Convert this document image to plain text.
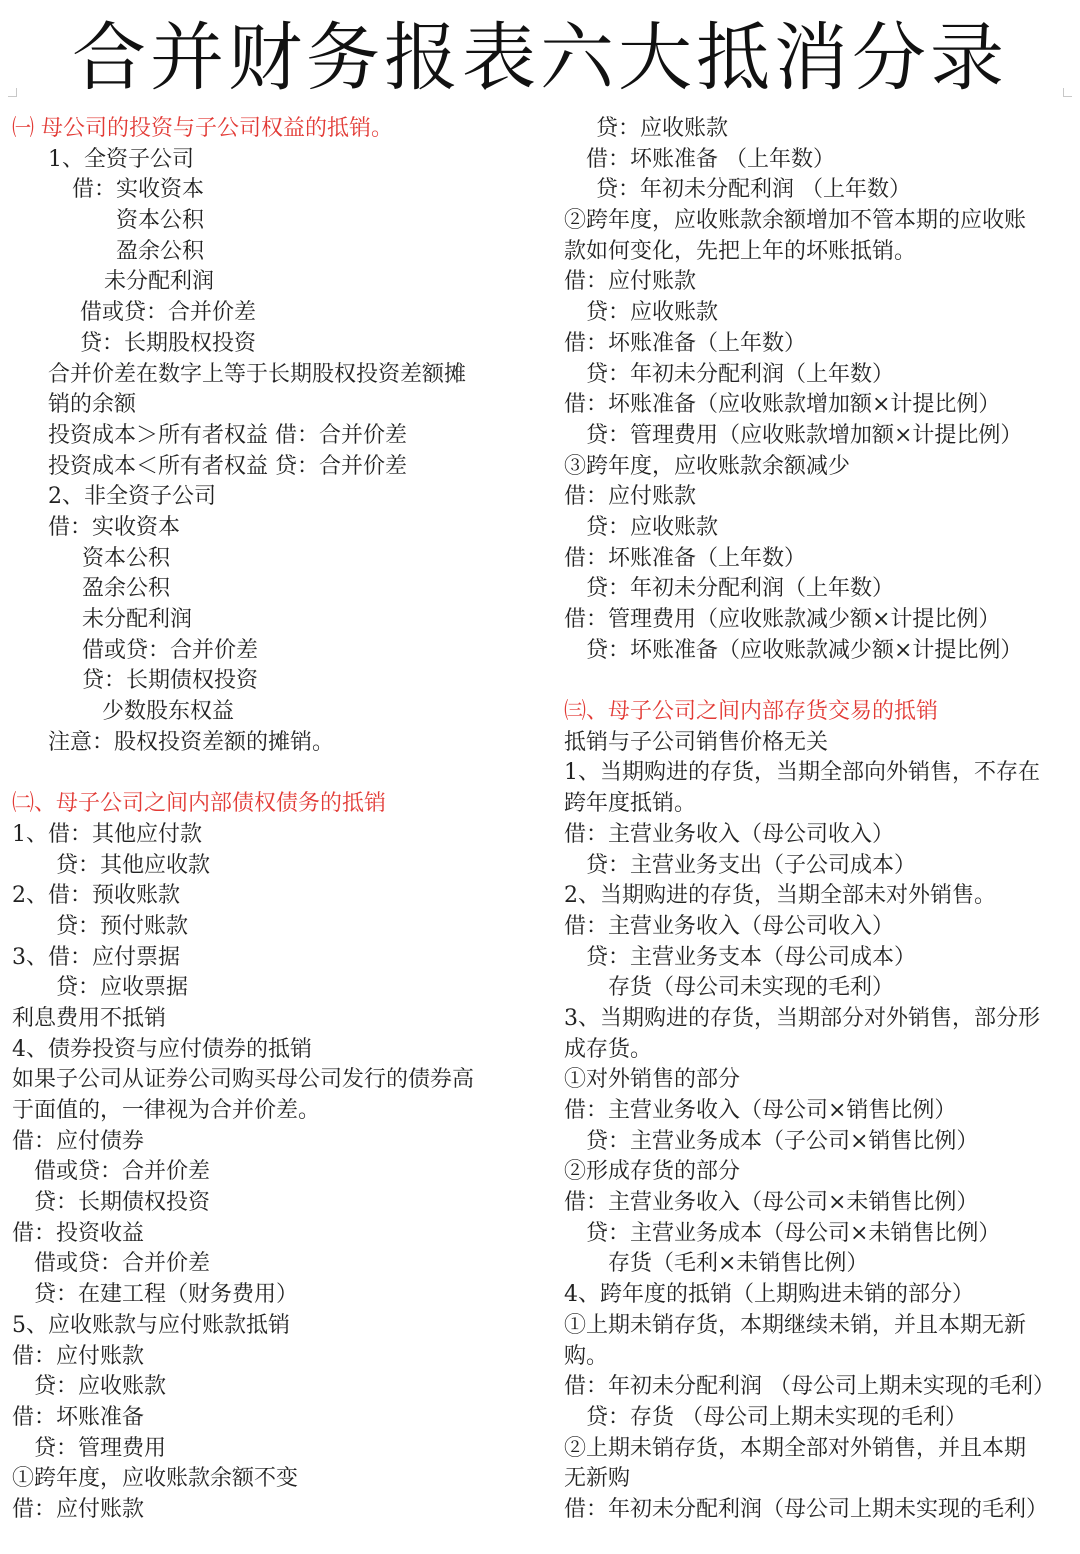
合并财务报表六大抵消分录
㈠ 母公司的投资与子公司权益的抵销。
1、全资子公司
借：实收资本
资本公积
盈余公积
未分配利润
借或贷：合并价差
贷：长期股权投资
合并价差在数字上等于长期股权投资差额摊
销的余额
投资成本＞所有者权益 借：合并价差
投资成本＜所有者权益 贷：合并价差
2、非全资子公司
借：实收资本
资本公积
盈余公积
未分配利润
借或贷：合并价差
贷：长期债权投资
少数股东权益
注意：股权投资差额的摊销。
㈡、母子公司之间内部债权债务的抵销
1、借：其他应付款
贷：其他应收款
2、借：预收账款
贷：预付账款
3、借：应付票据
贷：应收票据
利息费用不抵销
4、债券投资与应付债券的抵销
如果子公司从证券公司购买母公司发行的债券高
于面值的，一律视为合并价差。
借：应付债券
借或贷：合并价差
贷：长期债权投资
借：投资收益
借或贷：合并价差
贷：在建工程（财务费用）
5、应收账款与应付账款抵销
借：应付账款
贷：应收账款
借：坏账准备
贷：管理费用
①跨年度，应收账款余额不变
借：应付账款
贷：应收账款
借：坏账准备 （上年数）
贷：年初未分配利润 （上年数）
②跨年度，应收账款余额增加不管本期的应收账
款如何变化，先把上年的坏账抵销。
借：应付账款
贷：应收账款
借：坏账准备（上年数）
贷：年初未分配利润（上年数）
借：坏账准备（应收账款增加额×计提比例）
贷：管理费用（应收账款增加额×计提比例）
③跨年度，应收账款余额减少
借：应付账款
贷：应收账款
借：坏账准备（上年数）
贷：年初未分配利润（上年数）
借：管理费用（应收账款减少额×计提比例）
贷：坏账准备（应收账款减少额×计提比例）
㈢、母子公司之间内部存货交易的抵销
抵销与子公司销售价格无关
1、当期购进的存货，当期全部向外销售，不存在
跨年度抵销。
借：主营业务收入（母公司收入）
贷：主营业务支出（子公司成本）
2、当期购进的存货，当期全部未对外销售。
借：主营业务收入（母公司收入）
贷：主营业务支本（母公司成本）
存货（母公司未实现的毛利）
3、当期购进的存货，当期部分对外销售，部分形
成存货。
①对外销售的部分
借：主营业务收入（母公司×销售比例）
贷：主营业务成本（子公司×销售比例）
②形成存货的部分
借：主营业务收入（母公司×未销售比例）
贷：主营业务成本（母公司×未销售比例）
存货（毛利×未销售比例）
4、跨年度的抵销（上期购进未销的部分）
①上期未销存货，本期继续未销，并且本期无新
购。
借：年初未分配利润 （母公司上期未实现的毛利）
贷：存货 （母公司上期未实现的毛利）
②上期未销存货，本期全部对外销售，并且本期
无新购
借：年初未分配利润（母公司上期未实现的毛利）
